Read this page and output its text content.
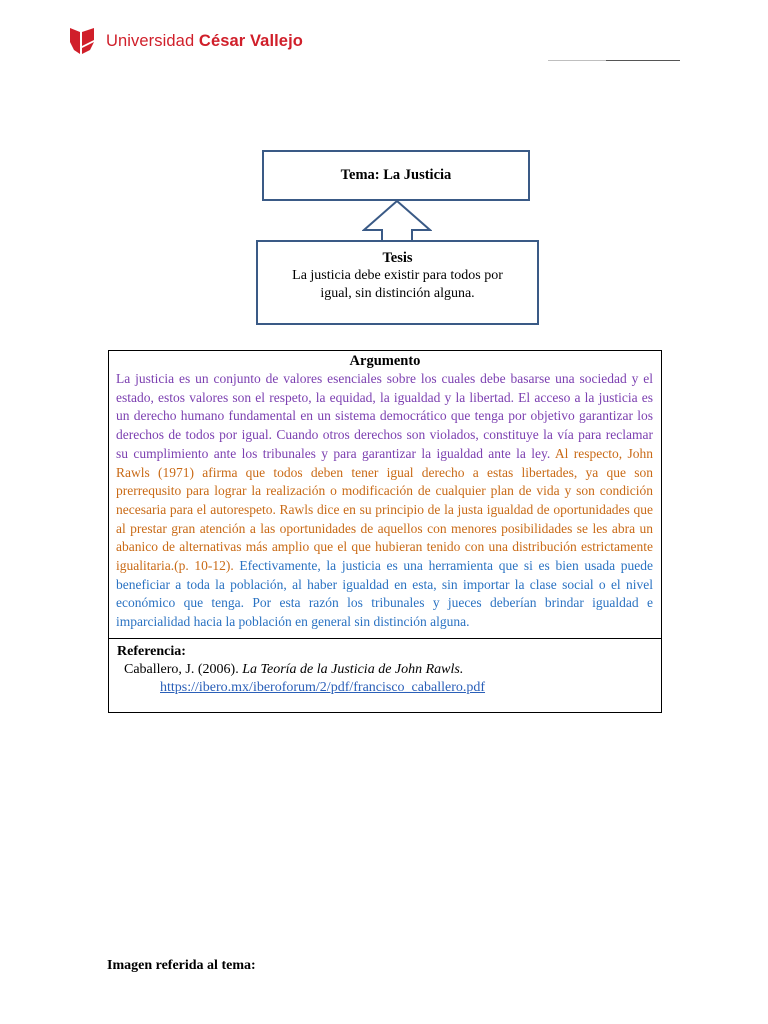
Universidad César Vallejo
Tema: La Justicia
Tesis
La justicia debe existir para todos por
igual, sin distinción alguna.
Argumento

La justicia es un conjunto de valores esenciales sobre los cuales debe basarse una sociedad y el estado, estos valores son el respeto, la equidad, la igualdad y la libertad. El acceso a la justicia es un derecho humano fundamental en un sistema democrático que tenga por objetivo garantizar los derechos de todos por igual. Cuando otros derechos son violados, constituye la vía para reclamar su cumplimiento ante los tribunales y para garantizar la igualdad ante la ley. Al respecto, John Rawls (1971) afirma que todos deben tener igual derecho a estas libertades, ya que son prerrequsito para lograr la realización o modificación de cualquier plan de vida y son condición necesaria para el autorespeto. Rawls dice en su principio de la justa igualdad de oportunidades que al prestar gran atención a las oportunidades de aquellos con menores posibilidades se les abra un abanico de alternativas más amplio que el que hubieran tenido con una distribución estrictamente igualitaria.(p. 10-12). Efectivamente, la justicia es una herramienta que si es bien usada puede beneficiar a toda la población, al haber igualdad en esta, sin importar la clase social o el nivel económico que tenga. Por esta razón los tribunales y jueces deberían brindar igualdad e imparcialidad hacia la población en general sin distinción alguna.

Referencia:
Caballero, J. (2006). La Teoría de la Justicia de John Rawls.
https://ibero.mx/iberoforum/2/pdf/francisco_caballero.pdf
Imagen referida al tema:
